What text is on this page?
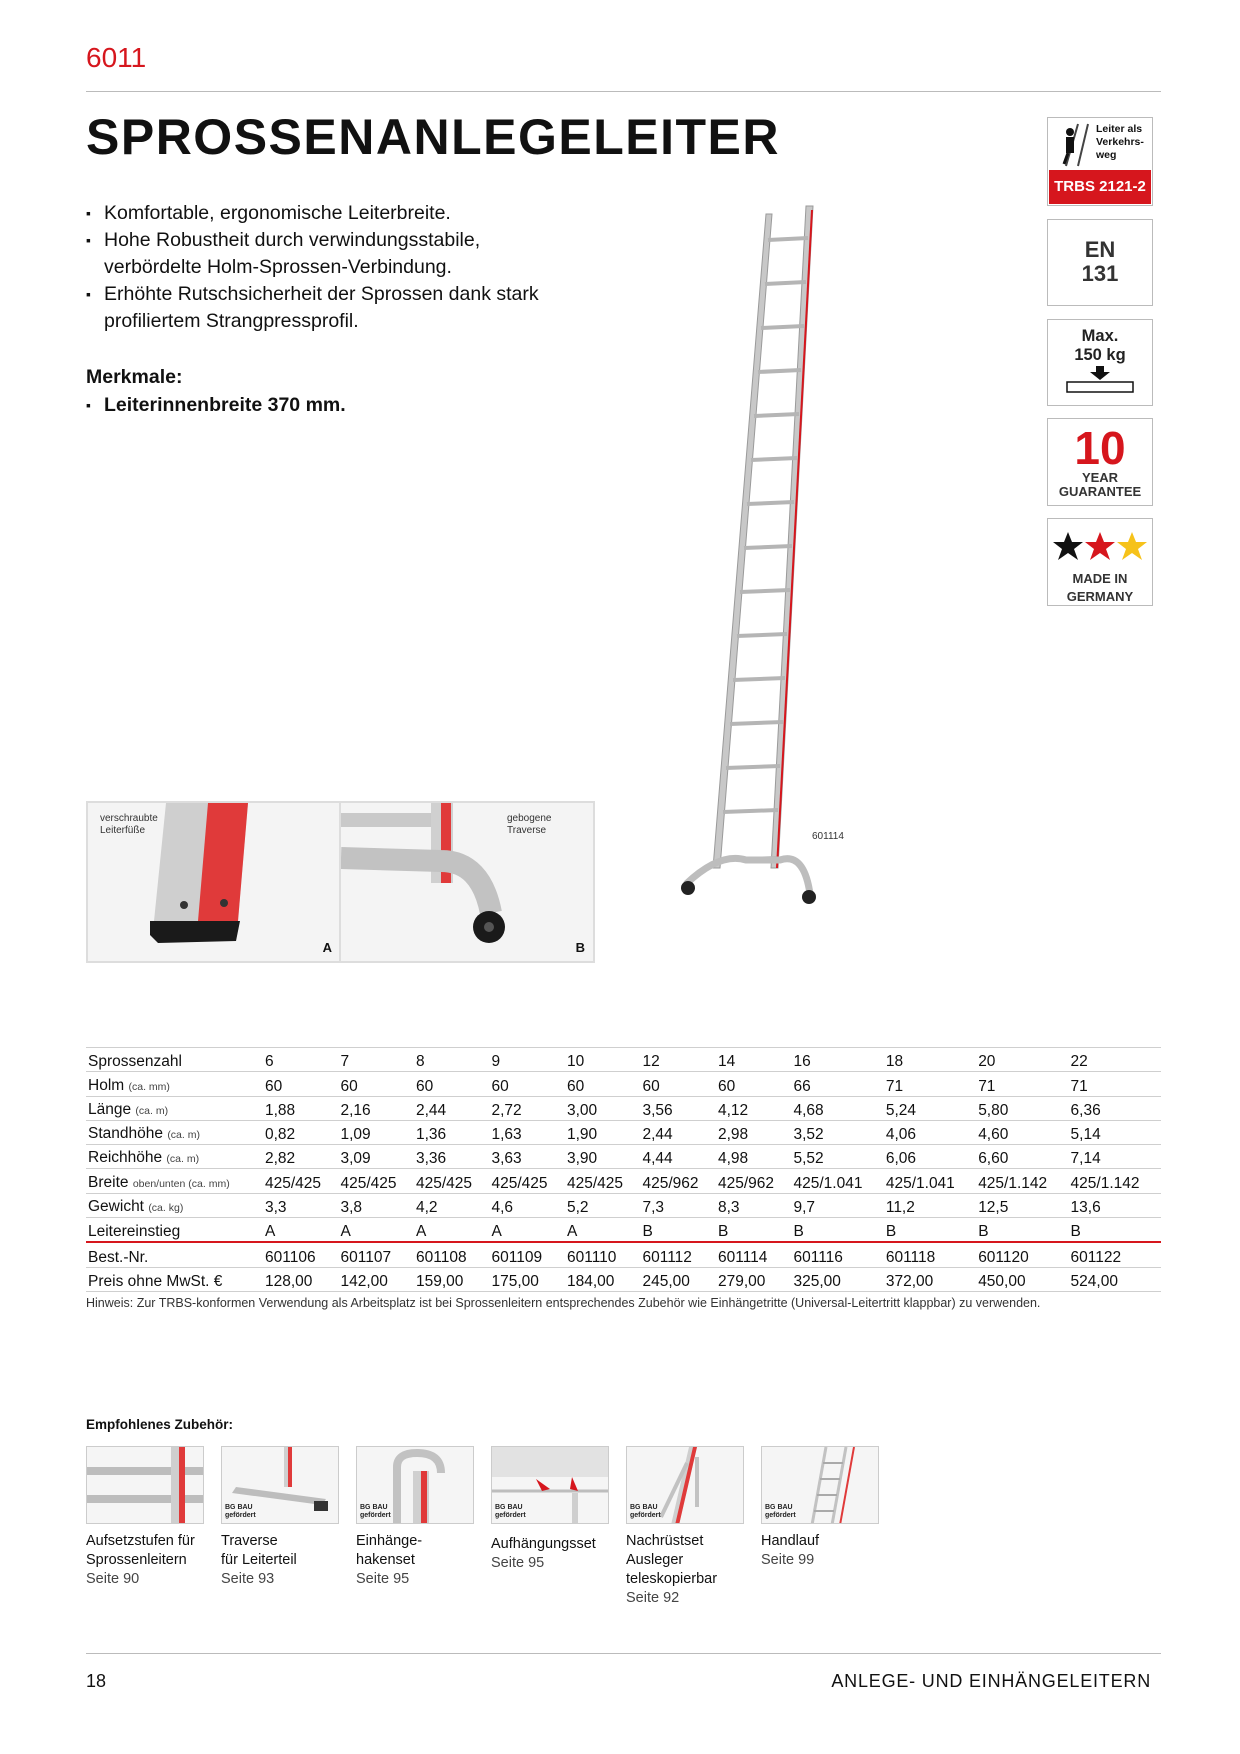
6011
SPROSSENANLEGELEITER
▪ Komfortable, ergonomische Leiterbreite.
▪ Hohe Robustheit durch verwindungsstabile, verbördelte Holm-Sprossen-Verbindung.
▪ Erhöhte Rutschsicherheit der Sprossen dank stark profiliertem Strangpressprofil.
Merkmale:
▪ Leiterinnenbreite 370 mm.
601114
Leiter als
Verkehrs-
weg
TRBS 2121-2
EN
131
Max.
150 kg
10
YEAR
GUARANTEE
MADE IN
GERMANY
verschraubte
Leiterfüße
A
gebogene
Traverse
B
Sprossenzahl	6	7	8	9	10	12	14	16	18	20	22
Holm (ca. mm)	60	60	60	60	60	60	60	66	71	71	71
Länge (ca. m)	1,88	2,16	2,44	2,72	3,00	3,56	4,12	4,68	5,24	5,80	6,36
Standhöhe (ca. m)	0,82	1,09	1,36	1,63	1,90	2,44	2,98	3,52	4,06	4,60	5,14
Reichhöhe (ca. m)	2,82	3,09	3,36	3,63	3,90	4,44	4,98	5,52	6,06	6,60	7,14
Breite oben/unten (ca. mm)	425/425	425/425	425/425	425/425	425/425	425/962	425/962	425/1.041	425/1.041	425/1.142	425/1.142
Gewicht (ca. kg)	3,3	3,8	4,2	4,6	5,2	7,3	8,3	9,7	11,2	12,5	13,6
Leitereinstieg	A	A	A	A	A	B	B	B	B	B	B
Best.-Nr.	601106	601107	601108	601109	601110	601112	601114	601116	601118	601120	601122
Preis ohne MwSt. €	128,00	142,00	159,00	175,00	184,00	245,00	279,00	325,00	372,00	450,00	524,00
Hinweis: Zur TRBS-konformen Verwendung als Arbeitsplatz ist bei Sprossenleitern entsprechendes Zubehör wie Einhängetritte (Universal-Leitertritt klappbar) zu verwenden.
Empfohlenes Zubehör:
BG BAU
gefördert
BG BAU
gefördert
BG BAU
gefördert
BG BAU
gefördert
BG BAU
gefördert
Aufsetzstufen für
Sprossenleitern
Seite 90
Traverse
für Leiterteil
Seite 93
Einhänge-
hakenset
Seite 95
Aufhängungsset
Seite 95
Nachrüstset
Ausleger
teleskopierbar
Seite 92
Handlauf
Seite 99
18	ANLEGE- UND EINHÄNGELEITERN
